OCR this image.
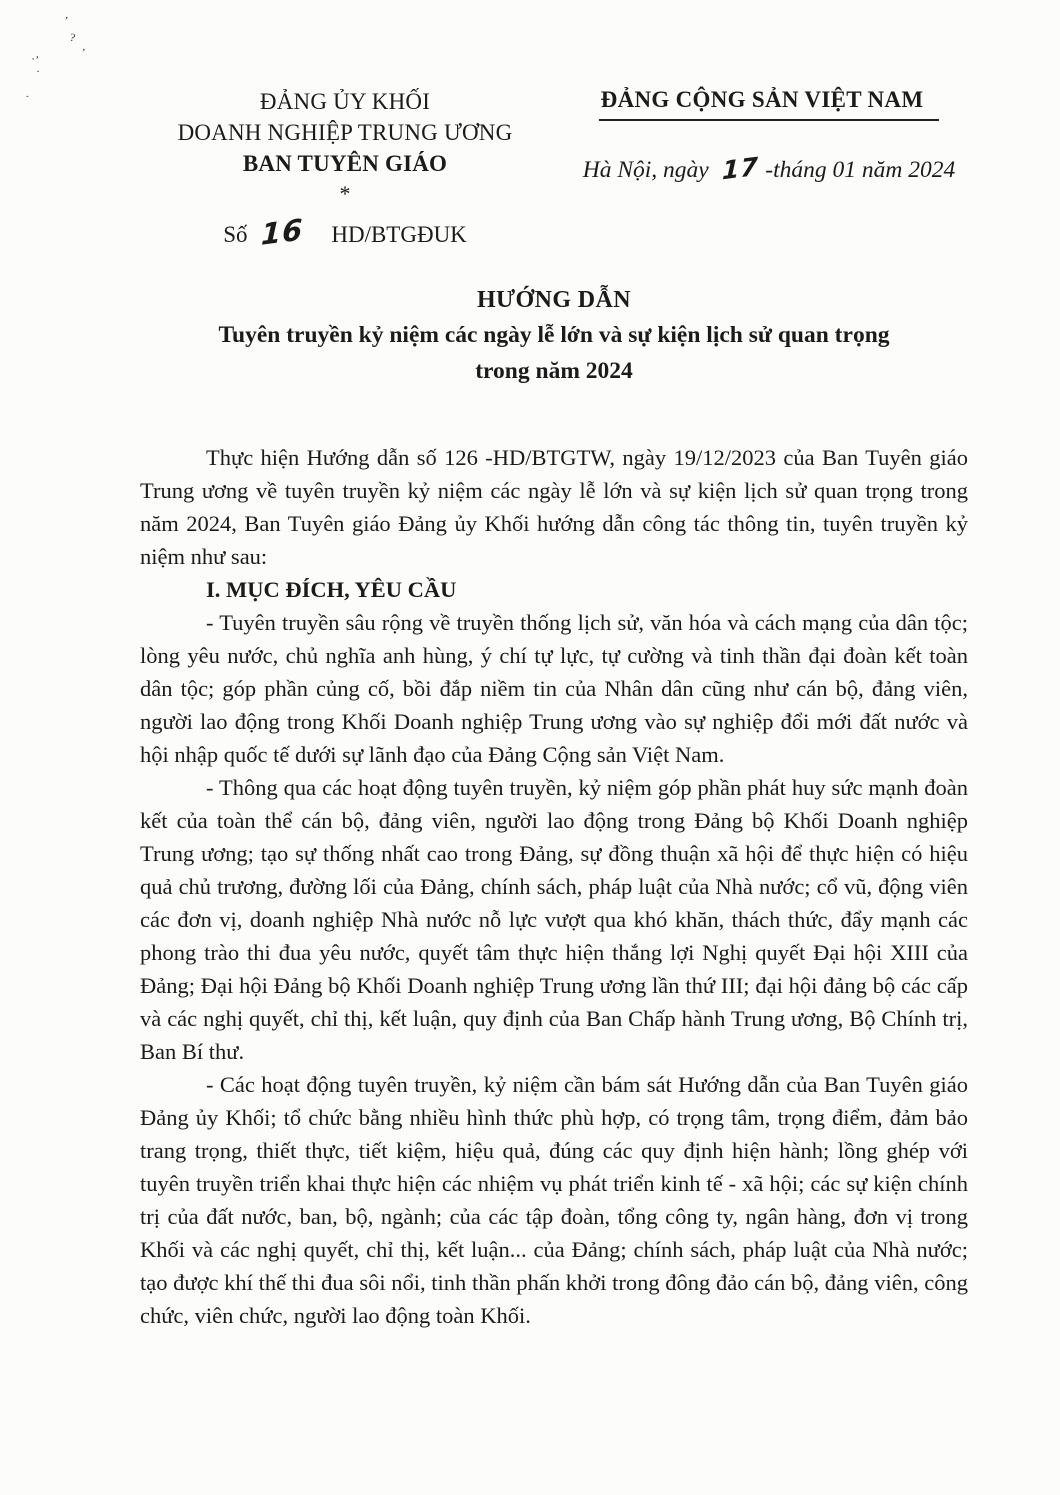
ʼ
`
?
,
·’
·
ĐẢNG ỦY KHỐI
DOANH NGHIỆP TRUNG ƯƠNG
BAN TUYÊN GIÁO
*
Số 16 HD/BTGĐUK
ĐẢNG CỘNG SẢN VIỆT NAM
Hà Nội, ngày 17 -tháng 01 năm 2024
HƯỚNG DẪN
Tuyên truyền kỷ niệm các ngày lễ lớn và sự kiện lịch sử quan trọng
trong năm 2024

Thực hiện Hướng dẫn số 126 -HD/BTGTW, ngày 19/12/2023 của Ban Tuyên giáo Trung ương về tuyên truyền kỷ niệm các ngày lễ lớn và sự kiện lịch sử quan trọng trong năm 2024, Ban Tuyên giáo Đảng ủy Khối hướng dẫn công tác thông tin, tuyên truyền kỷ niệm như sau:

I. MỤC ĐÍCH, YÊU CẦU

- Tuyên truyền sâu rộng về truyền thống lịch sử, văn hóa và cách mạng của dân tộc; lòng yêu nước, chủ nghĩa anh hùng, ý chí tự lực, tự cường và tinh thần đại đoàn kết toàn dân tộc; góp phần củng cố, bồi đắp niềm tin của Nhân dân cũng như cán bộ, đảng viên, người lao động trong Khối Doanh nghiệp Trung ương vào sự nghiệp đổi mới đất nước và hội nhập quốc tế dưới sự lãnh đạo của Đảng Cộng sản Việt Nam.

- Thông qua các hoạt động tuyên truyền, kỷ niệm góp phần phát huy sức mạnh đoàn kết của toàn thể cán bộ, đảng viên, người lao động trong Đảng bộ Khối Doanh nghiệp Trung ương; tạo sự thống nhất cao trong Đảng, sự đồng thuận xã hội để thực hiện có hiệu quả chủ trương, đường lối của Đảng, chính sách, pháp luật của Nhà nước; cổ vũ, động viên các đơn vị, doanh nghiệp Nhà nước nỗ lực vượt qua khó khăn, thách thức, đẩy mạnh các phong trào thi đua yêu nước, quyết tâm thực hiện thắng lợi Nghị quyết Đại hội XIII của Đảng; Đại hội Đảng bộ Khối Doanh nghiệp Trung ương lần thứ III; đại hội đảng bộ các cấp và các nghị quyết, chỉ thị, kết luận, quy định của Ban Chấp hành Trung ương, Bộ Chính trị, Ban Bí thư.

- Các hoạt động tuyên truyền, kỷ niệm cần bám sát Hướng dẫn của Ban Tuyên giáo Đảng ủy Khối; tổ chức bằng nhiều hình thức phù hợp, có trọng tâm, trọng điểm, đảm bảo trang trọng, thiết thực, tiết kiệm, hiệu quả, đúng các quy định hiện hành; lồng ghép với tuyên truyền triển khai thực hiện các nhiệm vụ phát triển kinh tế - xã hội; các sự kiện chính trị của đất nước, ban, bộ, ngành; của các tập đoàn, tổng công ty, ngân hàng, đơn vị trong Khối và các nghị quyết, chỉ thị, kết luận... của Đảng; chính sách, pháp luật của Nhà nước; tạo được khí thế thi đua sôi nổi, tinh thần phấn khởi trong đông đảo cán bộ, đảng viên, công chức, viên chức, người lao động toàn Khối.
